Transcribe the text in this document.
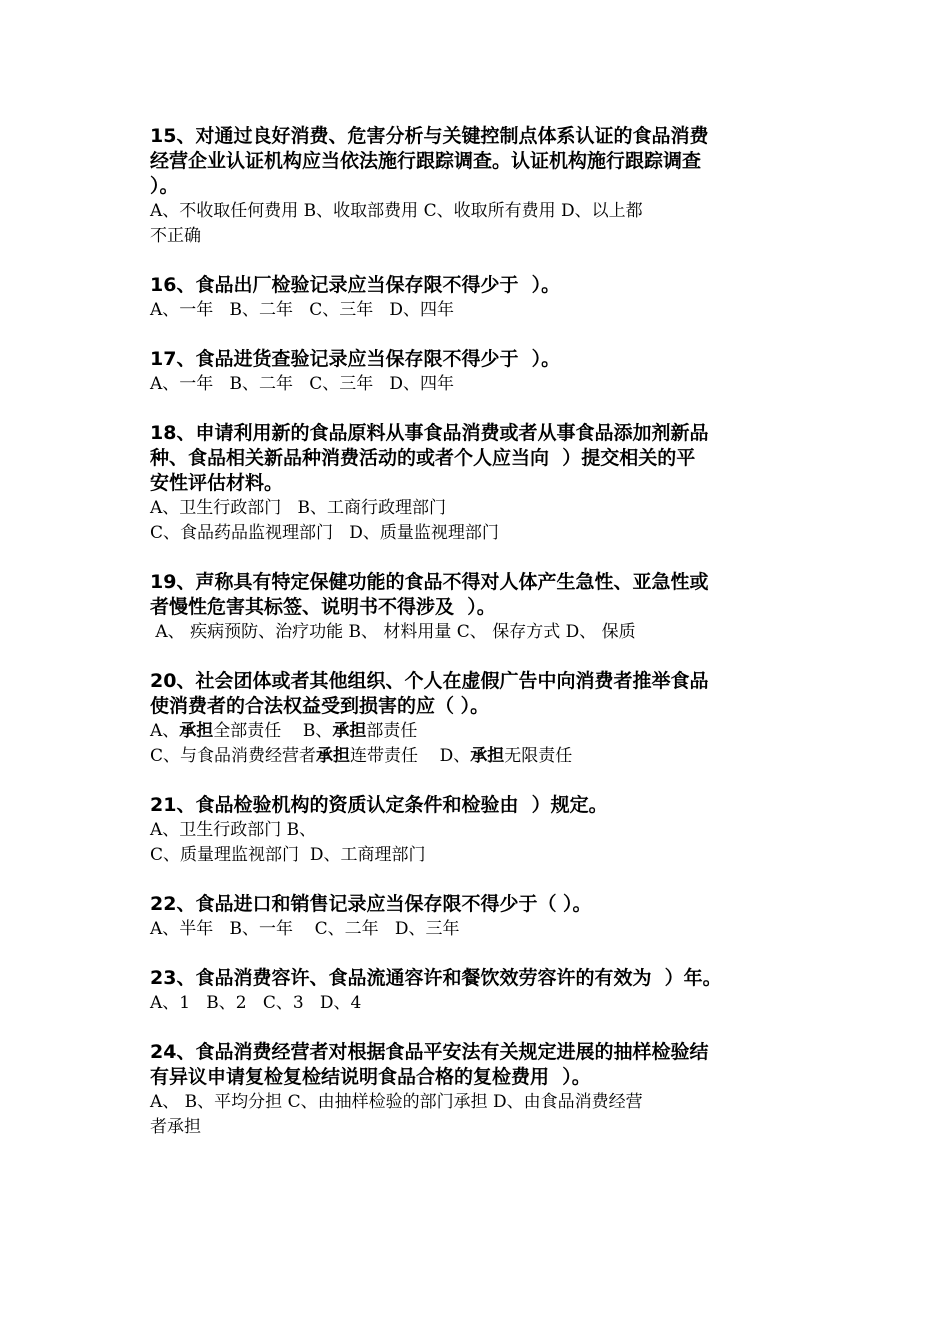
15、对通过良好消费、危害分析与关键控制点体系认证的食品消费

经营企业认证机构应当依法施行跟踪调查。认证机构施行跟踪调查

）。

A、不收取任何费用 B、收取部费用 C、收取所有费用 D、以上都

不正确

16、食品出厂检验记录应当保存限不得少于  ）。

A、一年   B、二年   C、三年   D、四年

17、食品进货查验记录应当保存限不得少于  ）。

A、一年   B、二年   C、三年   D、四年

18、申请利用新的食品原料从事食品消费或者从事食品添加剂新品

种、食品相关新品种消费活动的或者个人应当向  ）提交相关的平

安性评估材料。

A、卫生行政部门   B、工商行政理部门

C、食品药品监视理部门   D、质量监视理部门

19、声称具有特定保健功能的食品不得对人体产生急性、亚急性或

者慢性危害其标签、说明书不得涉及  ）。

A、 疾病预防、治疗功能 B、 材料用量 C、 保存方式 D、 保质

20、社会团体或者其他组织、个人在虚假广告中向消费者推举食品

使消费者的合法权益受到损害的应（ ）。

A、承担全部责任    B、承担部责任

C、与食品消费经营者承担连带责任    D、承担无限责任

21、食品检验机构的资质认定条件和检验由  ）规定。

A、卫生行政部门 B、

C、质量理监视部门  D、工商理部门

22、食品进口和销售记录应当保存限不得少于（ ）。

A、半年   B、一年    C、二年   D、三年

23、食品消费容许、食品流通容许和餐饮效劳容许的有效为  ）年。

A、1   B、2   C、3   D、4

24、食品消费经营者对根据食品平安法有关规定进展的抽样检验结

有异议申请复检复检结说明食品合格的复检费用  ）。

A、 B、平均分担 C、由抽样检验的部门承担 D、由食品消费经营

者承担
